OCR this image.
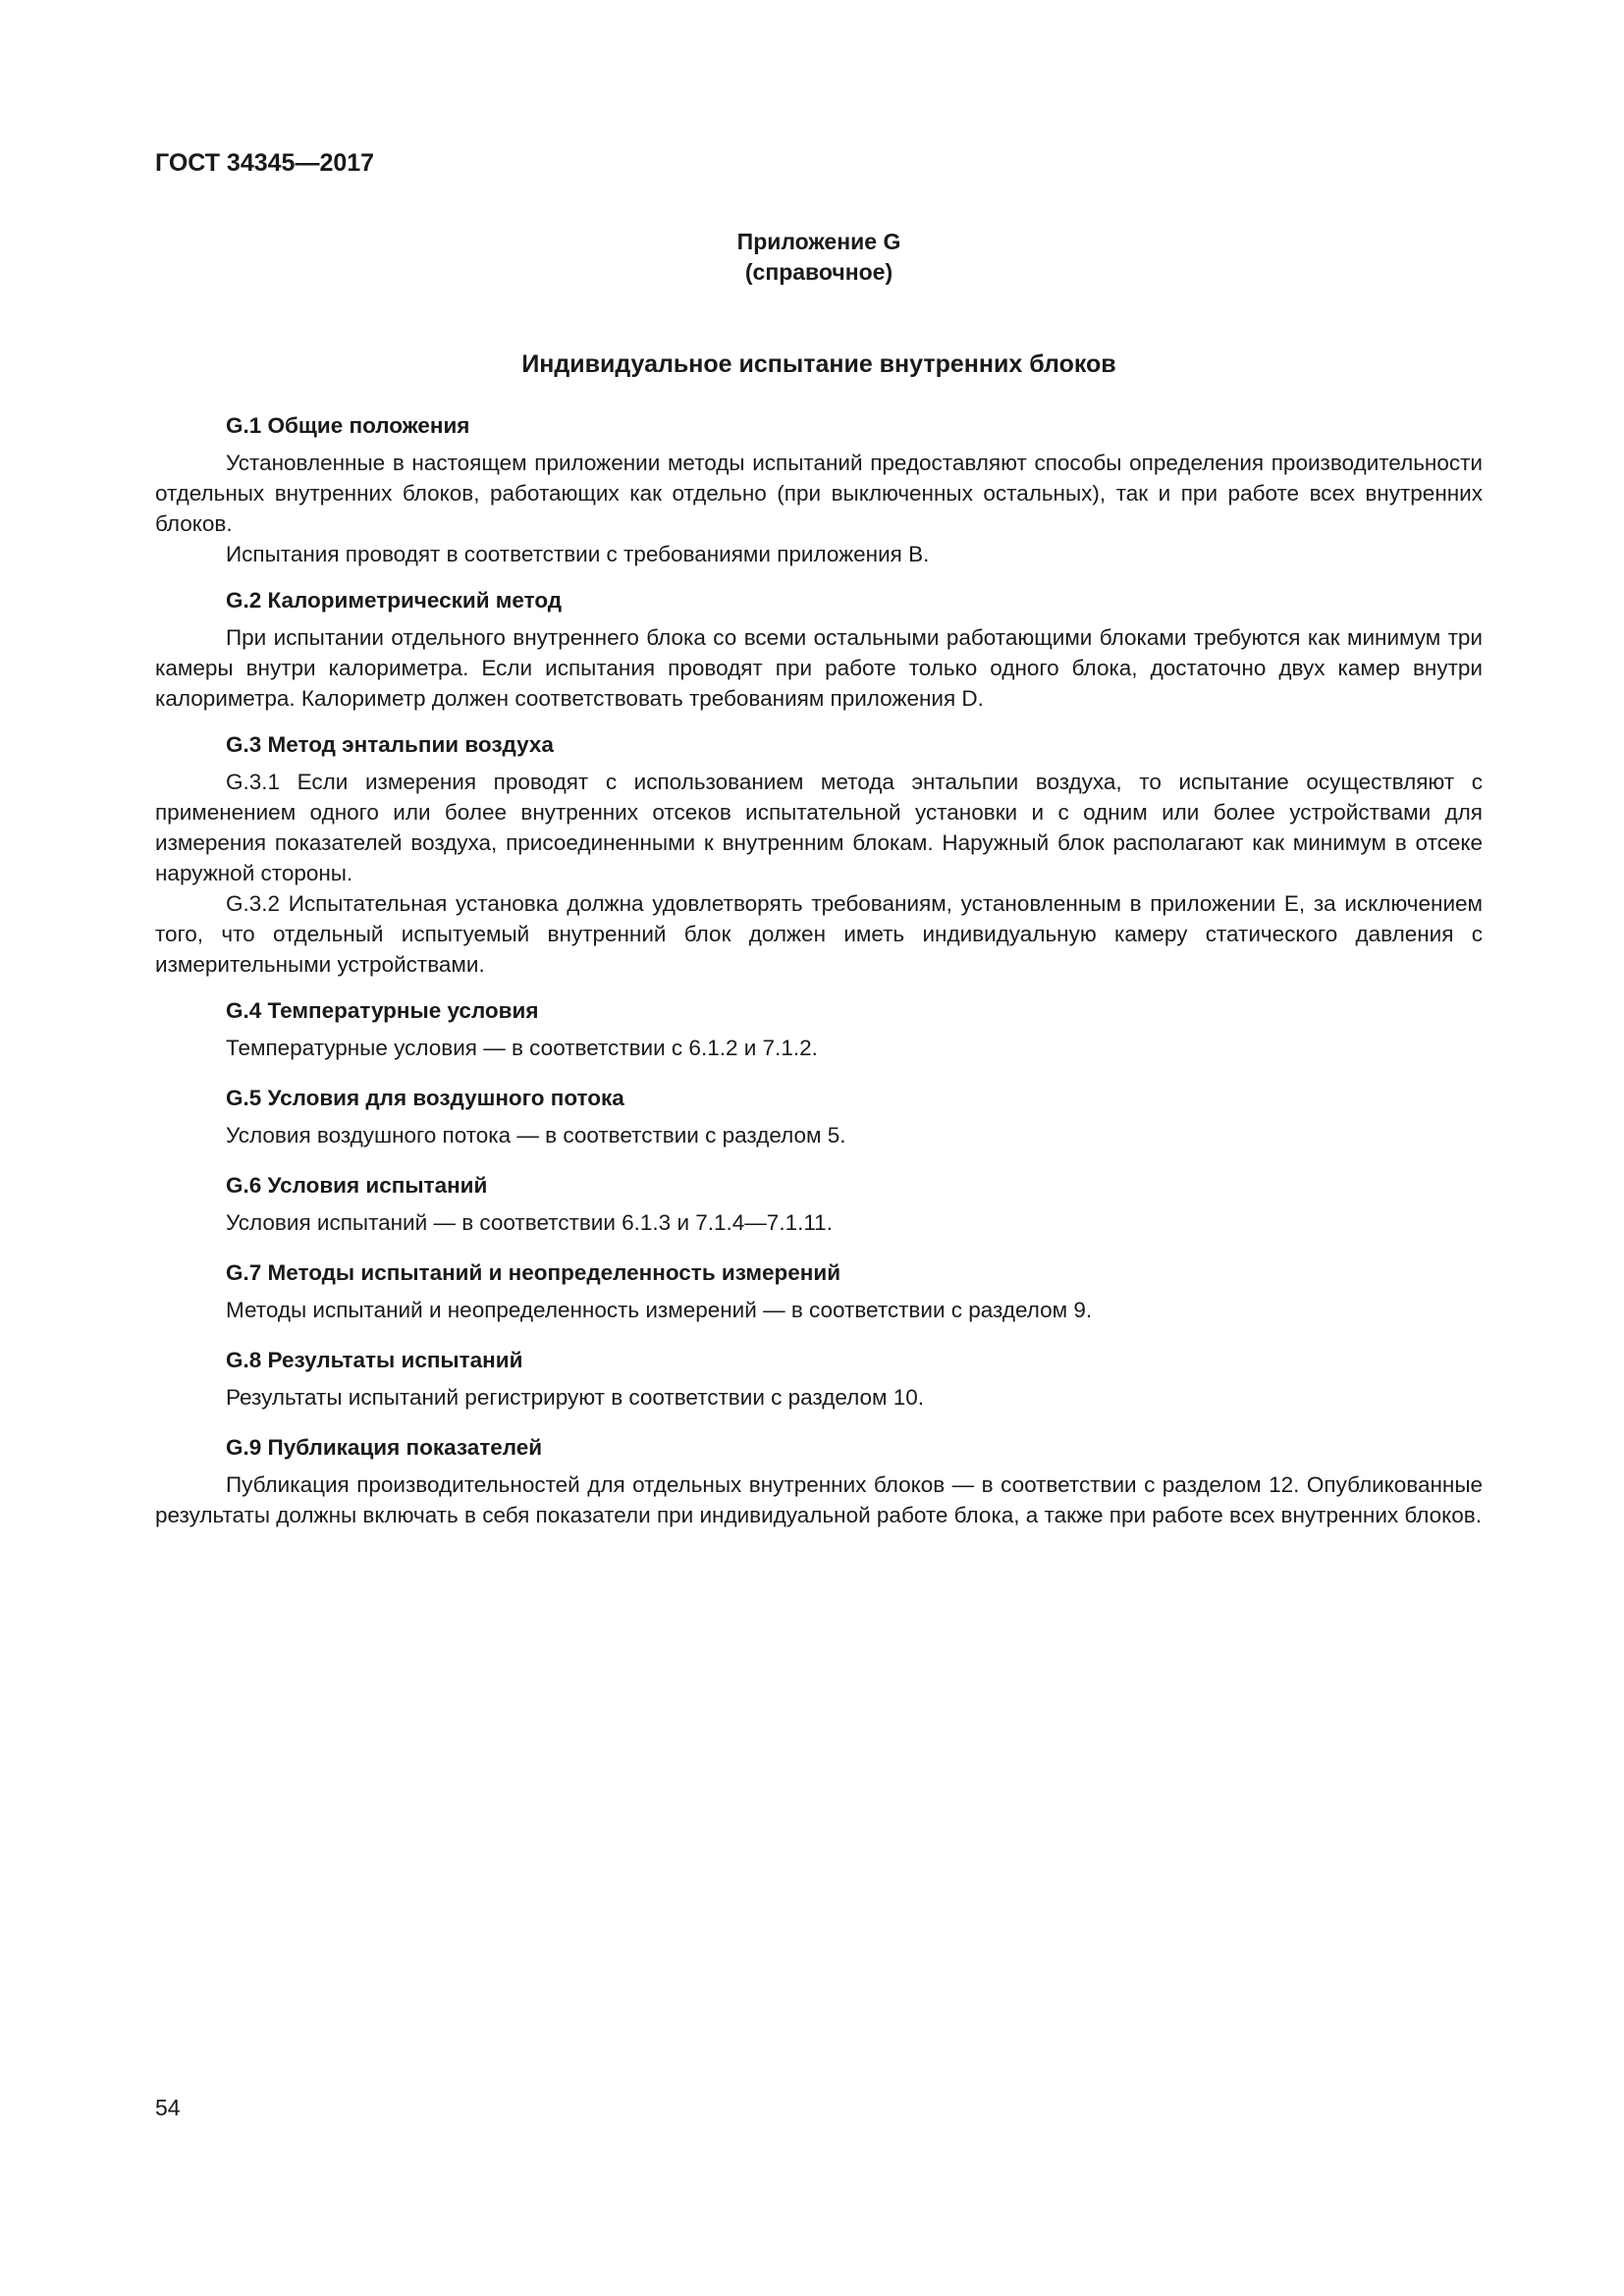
ГОСТ 34345—2017
Приложение G
(справочное)
Индивидуальное испытание внутренних блоков
G.1 Общие положения

Установленные в настоящем приложении методы испытаний предоставляют способы определения производительности отдельных внутренних блоков, работающих как отдельно (при выключенных остальных), так и при работе всех внутренних блоков.

Испытания проводят в соответствии с требованиями приложения В.

G.2 Калориметрический метод

При испытании отдельного внутреннего блока со всеми остальными работающими блоками требуются как минимум три камеры внутри калориметра. Если испытания проводят при работе только одного блока, достаточно двух камер внутри калориметра. Калориметр должен соответствовать требованиям приложения D.

G.3 Метод энтальпии воздуха

G.3.1 Если измерения проводят с использованием метода энтальпии воздуха, то испытание осуществляют с применением одного или более внутренних отсеков испытательной установки и с одним или более устройствами для измерения показателей воздуха, присоединенными к внутренним блокам. Наружный блок располагают как минимум в отсеке наружной стороны.

G.3.2 Испытательная установка должна удовлетворять требованиям, установленным в приложении Е, за исключением того, что отдельный испытуемый внутренний блок должен иметь индивидуальную камеру статического давления с измерительными устройствами.

G.4 Температурные условия

Температурные условия — в соответствии с 6.1.2 и 7.1.2.

G.5 Условия для воздушного потока

Условия воздушного потока — в соответствии с разделом 5.

G.6 Условия испытаний

Условия испытаний — в соответствии 6.1.3 и 7.1.4—7.1.11.

G.7 Методы испытаний и неопределенность измерений

Методы испытаний и неопределенность измерений — в соответствии с разделом 9.

G.8 Результаты испытаний

Результаты испытаний регистрируют в соответствии с разделом 10.

G.9 Публикация показателей

Публикация производительностей для отдельных внутренних блоков — в соответствии с разделом 12. Опубликованные результаты должны включать в себя показатели при индивидуальной работе блока, а также при работе всех внутренних блоков.

54
